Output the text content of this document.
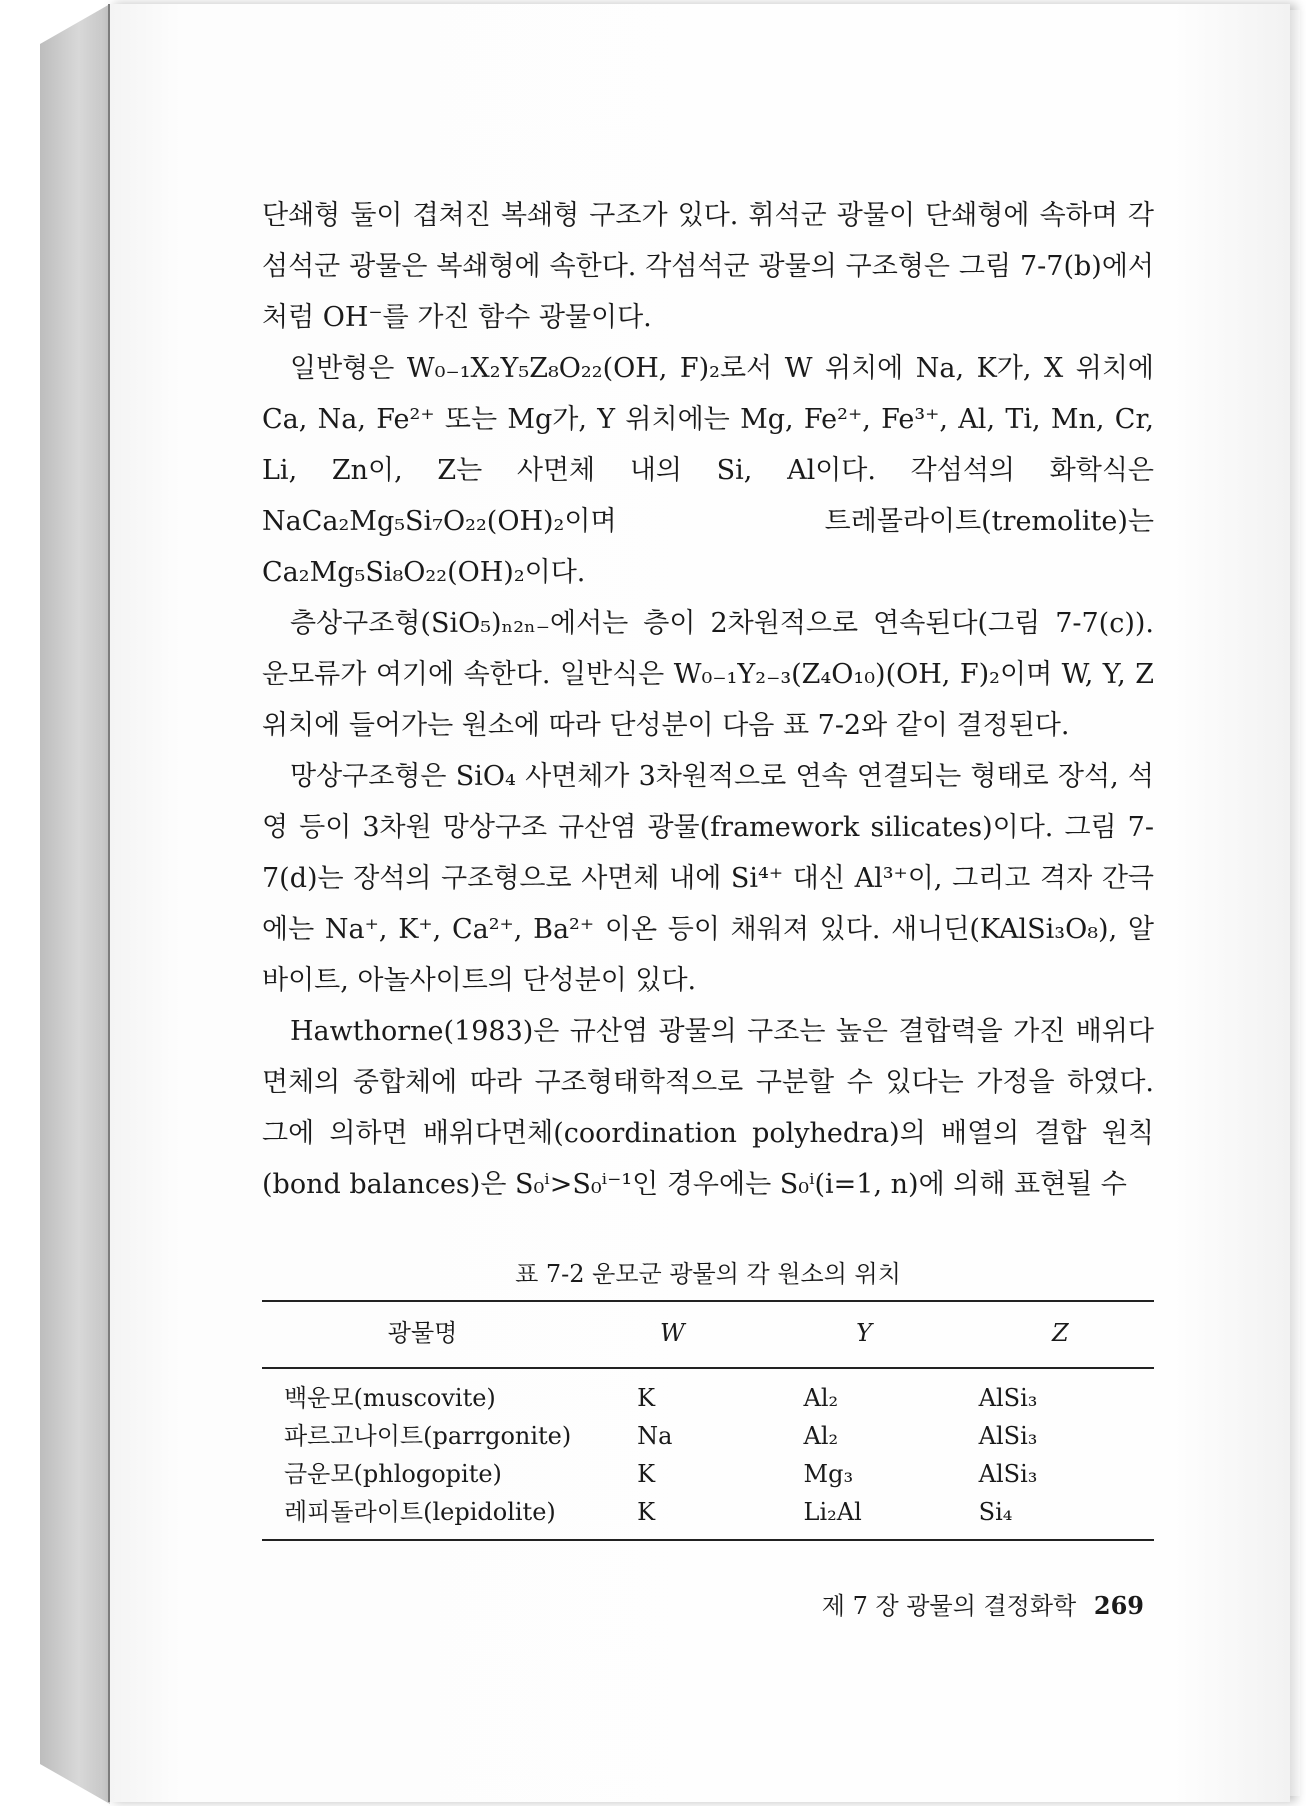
단쇄형 둘이 겹쳐진 복쇄형 구조가 있다. 휘석군 광물이 단쇄형에 속하며 각섬석군 광물은 복쇄형에 속한다. 각섬석군 광물의 구조형은 그림 7-7(b)에서처럼 OH⁻를 가진 함수 광물이다.

일반형은 W₀₋₁X₂Y₅Z₈O₂₂(OH, F)₂로서 W 위치에 Na, K가, X 위치에 Ca, Na, Fe²⁺ 또는 Mg가, Y 위치에는 Mg, Fe²⁺, Fe³⁺, Al, Ti, Mn, Cr, Li, Zn이, Z는 사면체 내의 Si, Al이다. 각섬석의 화학식은 NaCa₂Mg₅Si₇O₂₂(OH)₂이며 트레몰라이트(tremolite)는 Ca₂Mg₅Si₈O₂₂(OH)₂이다.

층상구조형(SiO₅)ₙ₂ₙ₋에서는 층이 2차원적으로 연속된다(그림 7-7(c)). 운모류가 여기에 속한다. 일반식은 W₀₋₁Y₂₋₃(Z₄O₁₀)(OH, F)₂이며 W, Y, Z 위치에 들어가는 원소에 따라 단성분이 다음 표 7-2와 같이 결정된다.

망상구조형은 SiO₄ 사면체가 3차원적으로 연속 연결되는 형태로 장석, 석영 등이 3차원 망상구조 규산염 광물(framework silicates)이다. 그림 7-7(d)는 장석의 구조형으로 사면체 내에 Si⁴⁺ 대신 Al³⁺이, 그리고 격자 간극에는 Na⁺, K⁺, Ca²⁺, Ba²⁺ 이온 등이 채워져 있다. 새니딘(KAlSi₃O₈), 알바이트, 아놀사이트의 단성분이 있다.

Hawthorne(1983)은 규산염 광물의 구조는 높은 결합력을 가진 배위다면체의 중합체에 따라 구조형태학적으로 구분할 수 있다는 가정을 하였다. 그에 의하면 배위다면체(coordination polyhedra)의 배열의 결합 원칙(bond balances)은 S₀ⁱ>S₀ⁱ⁻¹인 경우에는 S₀ⁱ(i=1, n)에 의해 표현될 수

표 7-2 운모군 광물의 각 원소의 위치
광물명	W	Y	Z
백운모(muscovite)	K	Al₂	AlSi₃
파르고나이트(parrgonite)	Na	Al₂	AlSi₃
금운모(phlogopite)	K	Mg₃	AlSi₃
레피돌라이트(lepidolite)	K	Li₂Al	Si₄
제 7 장 광물의 결정화학 269
